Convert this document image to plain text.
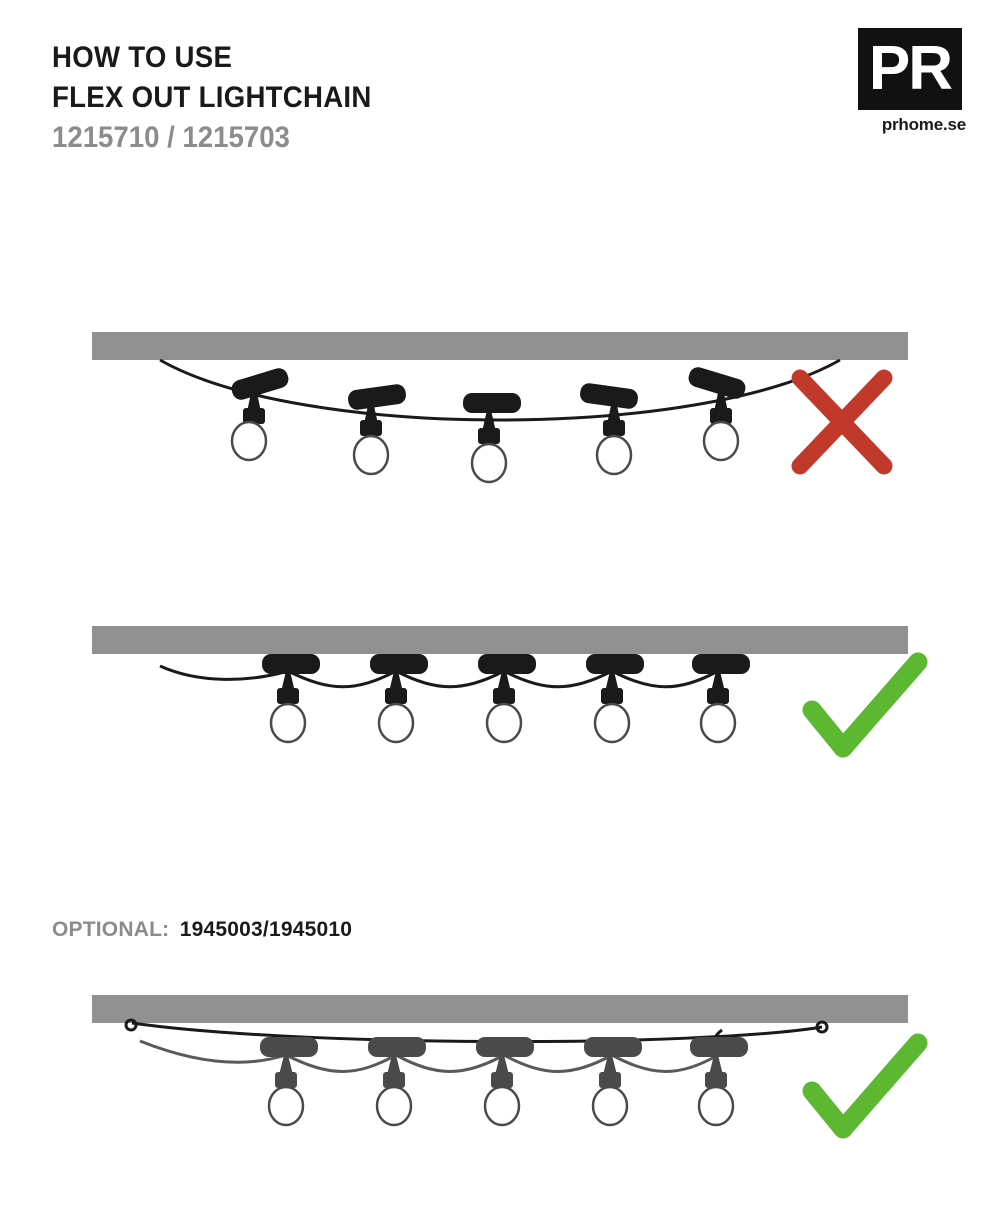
HOW TO USE
FLEX OUT LIGHTCHAIN
1215710 / 1215703
PR
prhome.se
OPTIONAL: 1945003/1945010
